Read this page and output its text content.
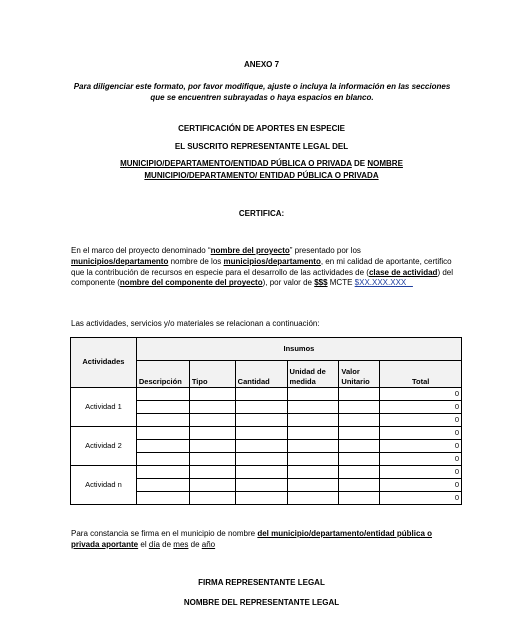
ANEXO 7
Para diligenciar este formato, por favor modifique, ajuste o incluya la información en las secciones que se encuentren subrayadas o haya espacios en blanco.
CERTIFICACIÓN DE APORTES EN ESPECIE
EL SUSCRITO REPRESENTANTE LEGAL DEL
MUNICIPIO/DEPARTAMENTO/ENTIDAD PÚBLICA O PRIVADA DE NOMBRE
MUNICIPIO/DEPARTAMENTO/ ENTIDAD PÚBLICA O PRIVADA
CERTIFICA:
En el marco del proyecto denominado “nombre del proyecto” presentado por los municipios/departamento nombre de los municipios/departamento, en mi calidad de aportante, certifico que la contribución de recursos en especie para el desarrollo de las actividades de (clase de actividad) del componente (nombre del componente del proyecto), por valor de $$$ MCTE $XX.XXX.XXX
Las actividades, servicios y/o materiales se relacionan a continuación:
Actividades	Insumos					
	Descripción	Tipo	Cantidad	Unidad de medida	Valor Unitario	Total
Actividad 1						0
						0
						0
Actividad 2						0
						0
						0
Actividad n						0
						0
						0
Para constancia se firma en el municipio de nombre del municipio/departamento/entidad pública o privada aportante el día de mes de año
FIRMA REPRESENTANTE LEGAL
NOMBRE DEL REPRESENTANTE LEGAL
